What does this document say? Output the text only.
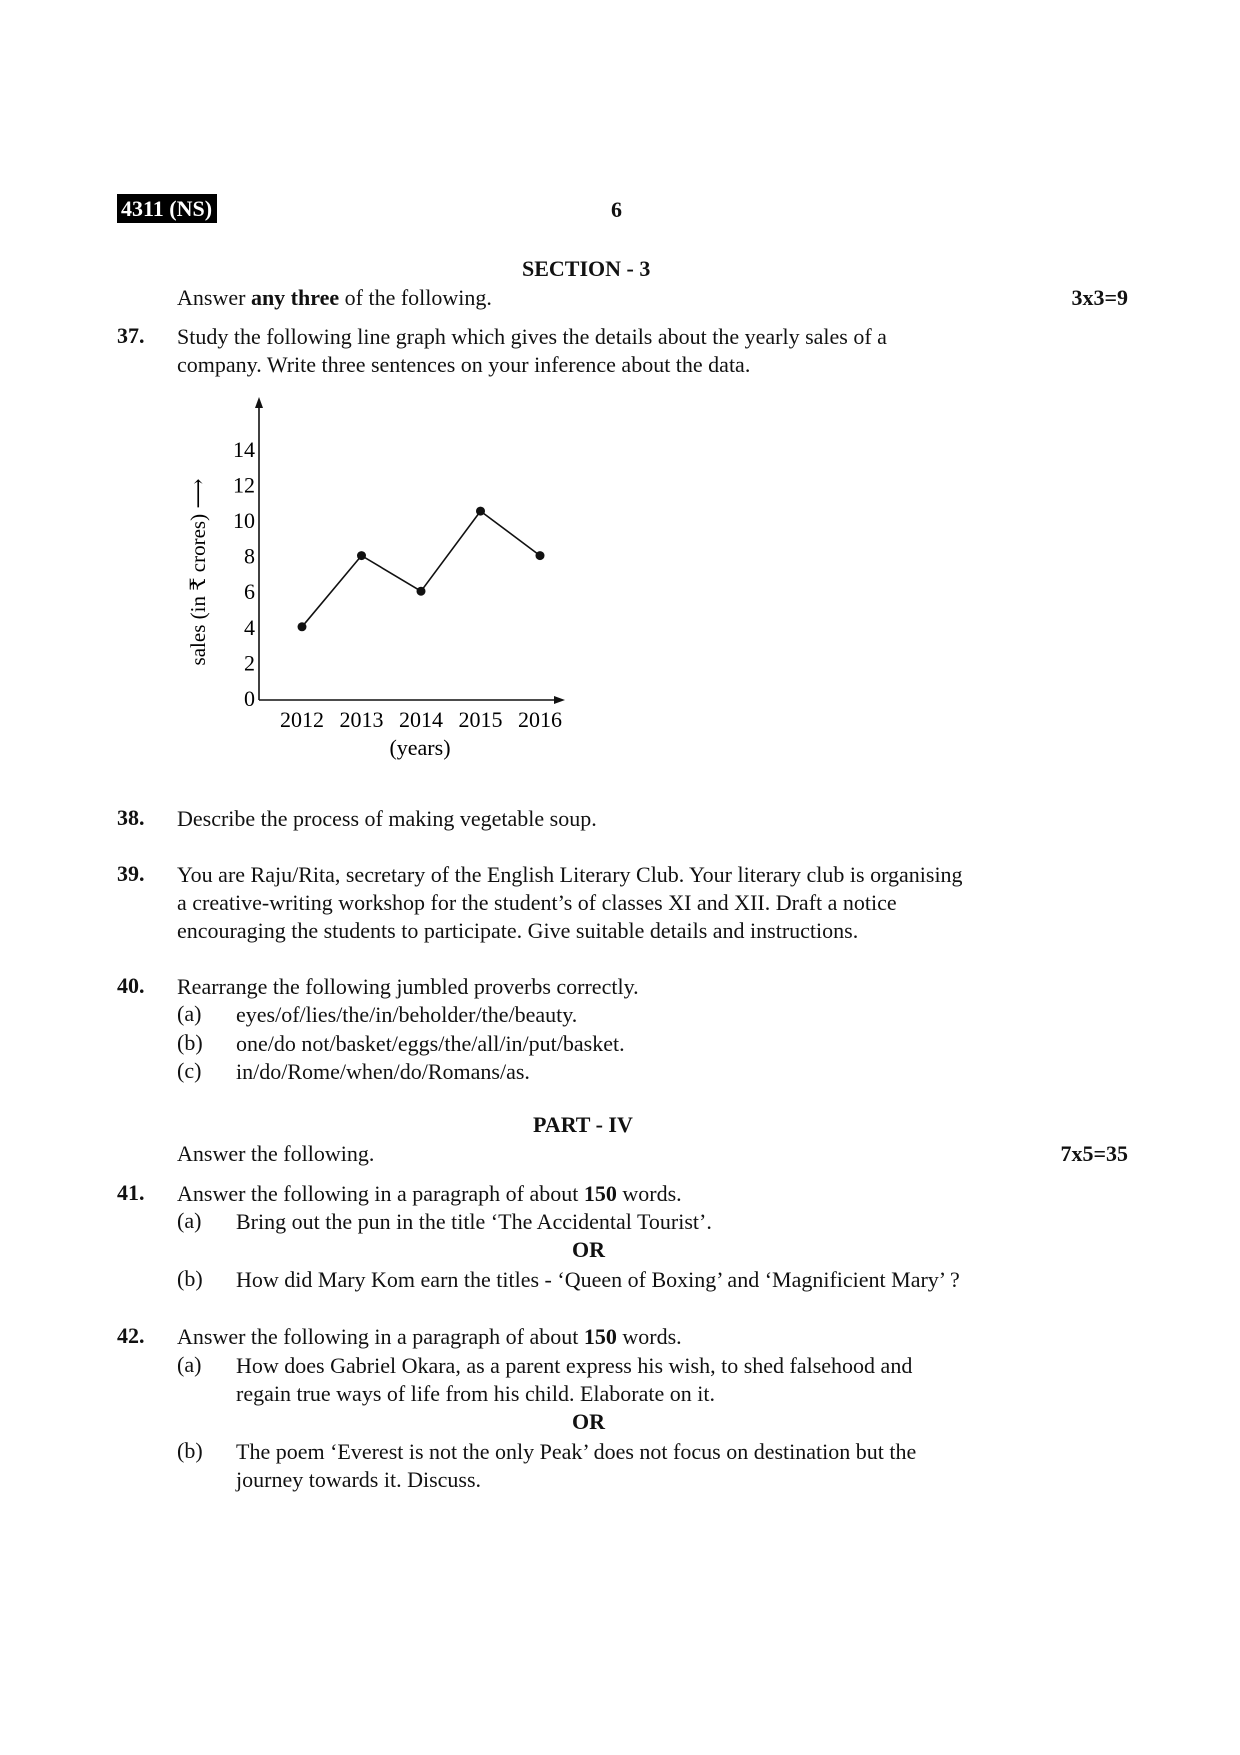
4311 (NS)	6
SECTION - 3
Answer any three of the following.	3x3=9
37.	Study the following line graph which gives the details about the yearly sales of a
company. Write three sentences on your inference about the data.
0
2
4
6
8
10
12
14
2012 2013 2014 2015 2016
(years)
sales (in ₹ crores) ⟶
38.	Describe the process of making vegetable soup.
39.	You are Raju/Rita, secretary of the English Literary Club. Your literary club is organising
a creative-writing workshop for the student’s of classes XI and XII. Draft a notice
encouraging the students to participate. Give suitable details and instructions.
40.	Rearrange the following jumbled proverbs correctly.
(a)	eyes/of/lies/the/in/beholder/the/beauty.
(b)	one/do not/basket/eggs/the/all/in/put/basket.
(c)	in/do/Rome/when/do/Romans/as.
PART - IV
Answer the following.	7x5=35
41.	Answer the following in a paragraph of about 150 words.
(a)	Bring out the pun in the title ‘The Accidental Tourist’.
OR
(b)	How did Mary Kom earn the titles - ‘Queen of Boxing’ and ‘Magnificient Mary’ ?
42.	Answer the following in a paragraph of about 150 words.
(a)	How does Gabriel Okara, as a parent express his wish, to shed falsehood and
regain true ways of life from his child. Elaborate on it.
OR
(b)	The poem ‘Everest is not the only Peak’ does not focus on destination but the
journey towards it. Discuss.
